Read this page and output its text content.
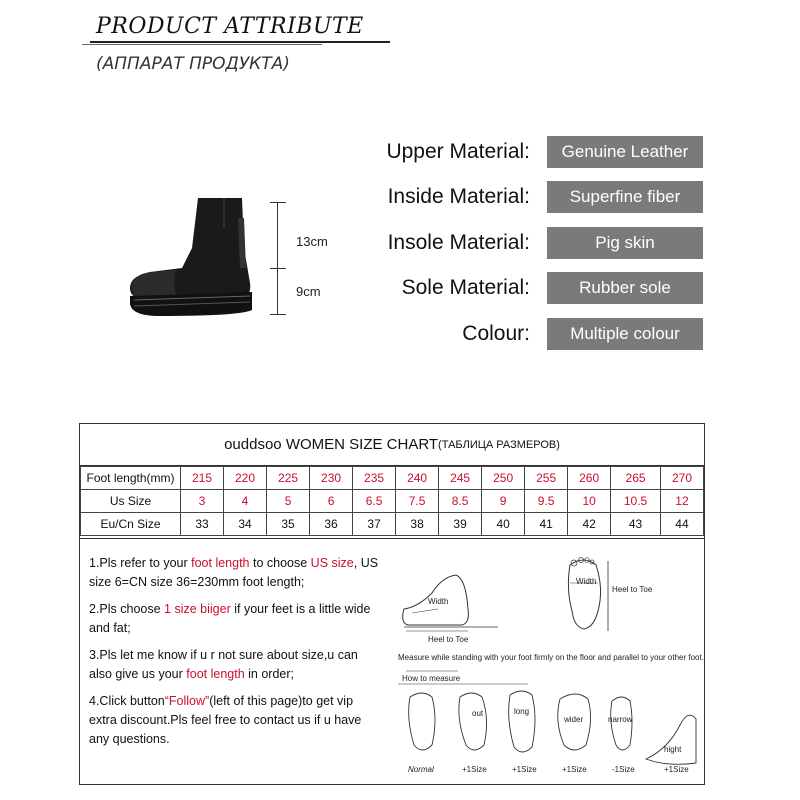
PRODUCT ATTRIBUTE
(АППАРАТ ПРОДУКТА)
13cm
9cm
Upper Material:	Genuine Leather
Inside Material:	Superfine fiber
Insole Material:	Pig skin
Sole Material:	Rubber sole
Colour:	Multiple colour
ouddsoo WOMEN SIZE CHART (ТАБЛИЦА РАЗМЕРОВ)
Foot length(mm)	215	220	225	230	235	240	245	250	255	260	265	270
Us Size	3	4	5	6	6.5	7.5	8.5	9	9.5	10	10.5	12
Eu/Cn Size	33	34	35	36	37	38	39	40	41	42	43	44
1.Pls refer to your foot length to choose US size, US size 6=CN size 36=230mm foot length;
2.Pls choose 1 size biiger if your feet is a little wide and fat;
3.Pls let me know if u r not sure about size,u can also give us your foot length in order;
4.Click button“Follow”(left of this page)to get vip extra discount.Pls feel free to contact us if u have any questions.
Width
Heel to Toe
Width
Heel to Toe
Measure while standing with your foot firmly on the floor and parallel to your other foot.
How to measure
out	long
wider	narrow
hight
Normal	+1Size	+1Size	+1Size	-1Size	+1Size
